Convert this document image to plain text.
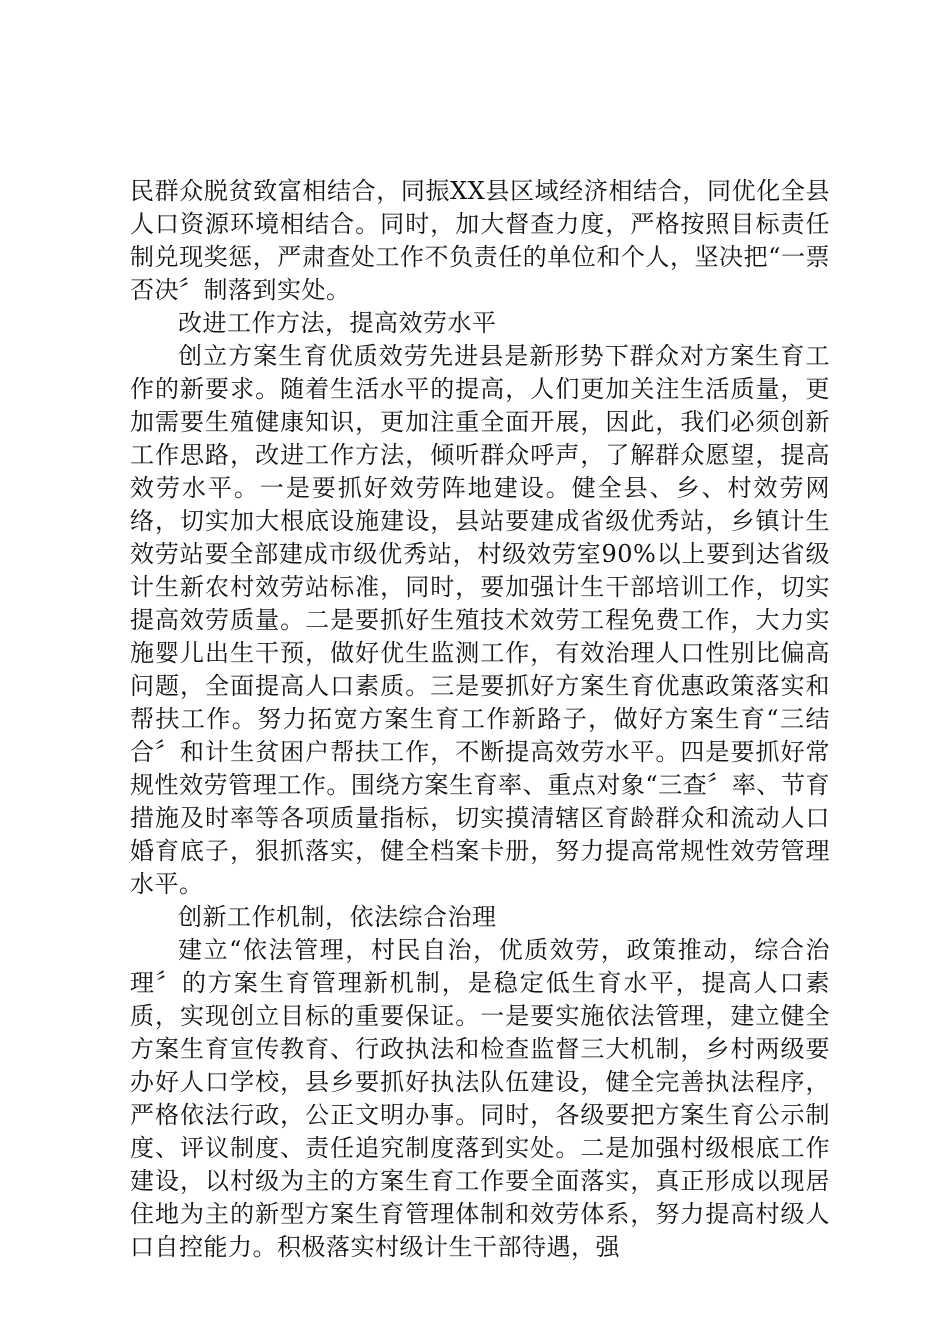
民群众脱贫致富相结合，同振XX县区域经济相结合，同优化全县人口资源环境相结合。同时，加大督查力度，严格按照目标责任制兑现奖惩，严肃查处工作不负责任的单位和个人，坚决把“一票否决〞制落到实处。

改进工作方法，提高效劳水平

创立方案生育优质效劳先进县是新形势下群众对方案生育工作的新要求。随着生活水平的提高，人们更加关注生活质量，更加需要生殖健康知识，更加注重全面开展，因此，我们必须创新工作思路，改进工作方法，倾听群众呼声，了解群众愿望，提高效劳水平。一是要抓好效劳阵地建设。健全县、乡、村效劳网络，切实加大根底设施建设，县站要建成省级优秀站，乡镇计生效劳站要全部建成市级优秀站，村级效劳室90%以上要到达省级计生新农村效劳站标准，同时，要加强计生干部培训工作，切实提高效劳质量。二是要抓好生殖技术效劳工程免费工作，大力实施婴儿出生干预，做好优生监测工作，有效治理人口性别比偏高问题，全面提高人口素质。三是要抓好方案生育优惠政策落实和帮扶工作。努力拓宽方案生育工作新路子，做好方案生育“三结合〞和计生贫困户帮扶工作，不断提高效劳水平。四是要抓好常规性效劳管理工作。围绕方案生育率、重点对象“三查〞率、节育措施及时率等各项质量指标，切实摸清辖区育龄群众和流动人口婚育底子，狠抓落实，健全档案卡册，努力提高常规性效劳管理水平。

创新工作机制，依法综合治理

建立“依法管理，村民自治，优质效劳，政策推动，综合治理〞的方案生育管理新机制，是稳定低生育水平，提高人口素质，实现创立目标的重要保证。一是要实施依法管理，建立健全方案生育宣传教育、行政执法和检查监督三大机制，乡村两级要办好人口学校，县乡要抓好执法队伍建设，健全完善执法程序，严格依法行政，公正文明办事。同时，各级要把方案生育公示制度、评议制度、责任追究制度落到实处。二是加强村级根底工作建设，以村级为主的方案生育工作要全面落实，真正形成以现居住地为主的新型方案生育管理体制和效劳体系，努力提高村级人口自控能力。积极落实村级计生干部待遇，强
